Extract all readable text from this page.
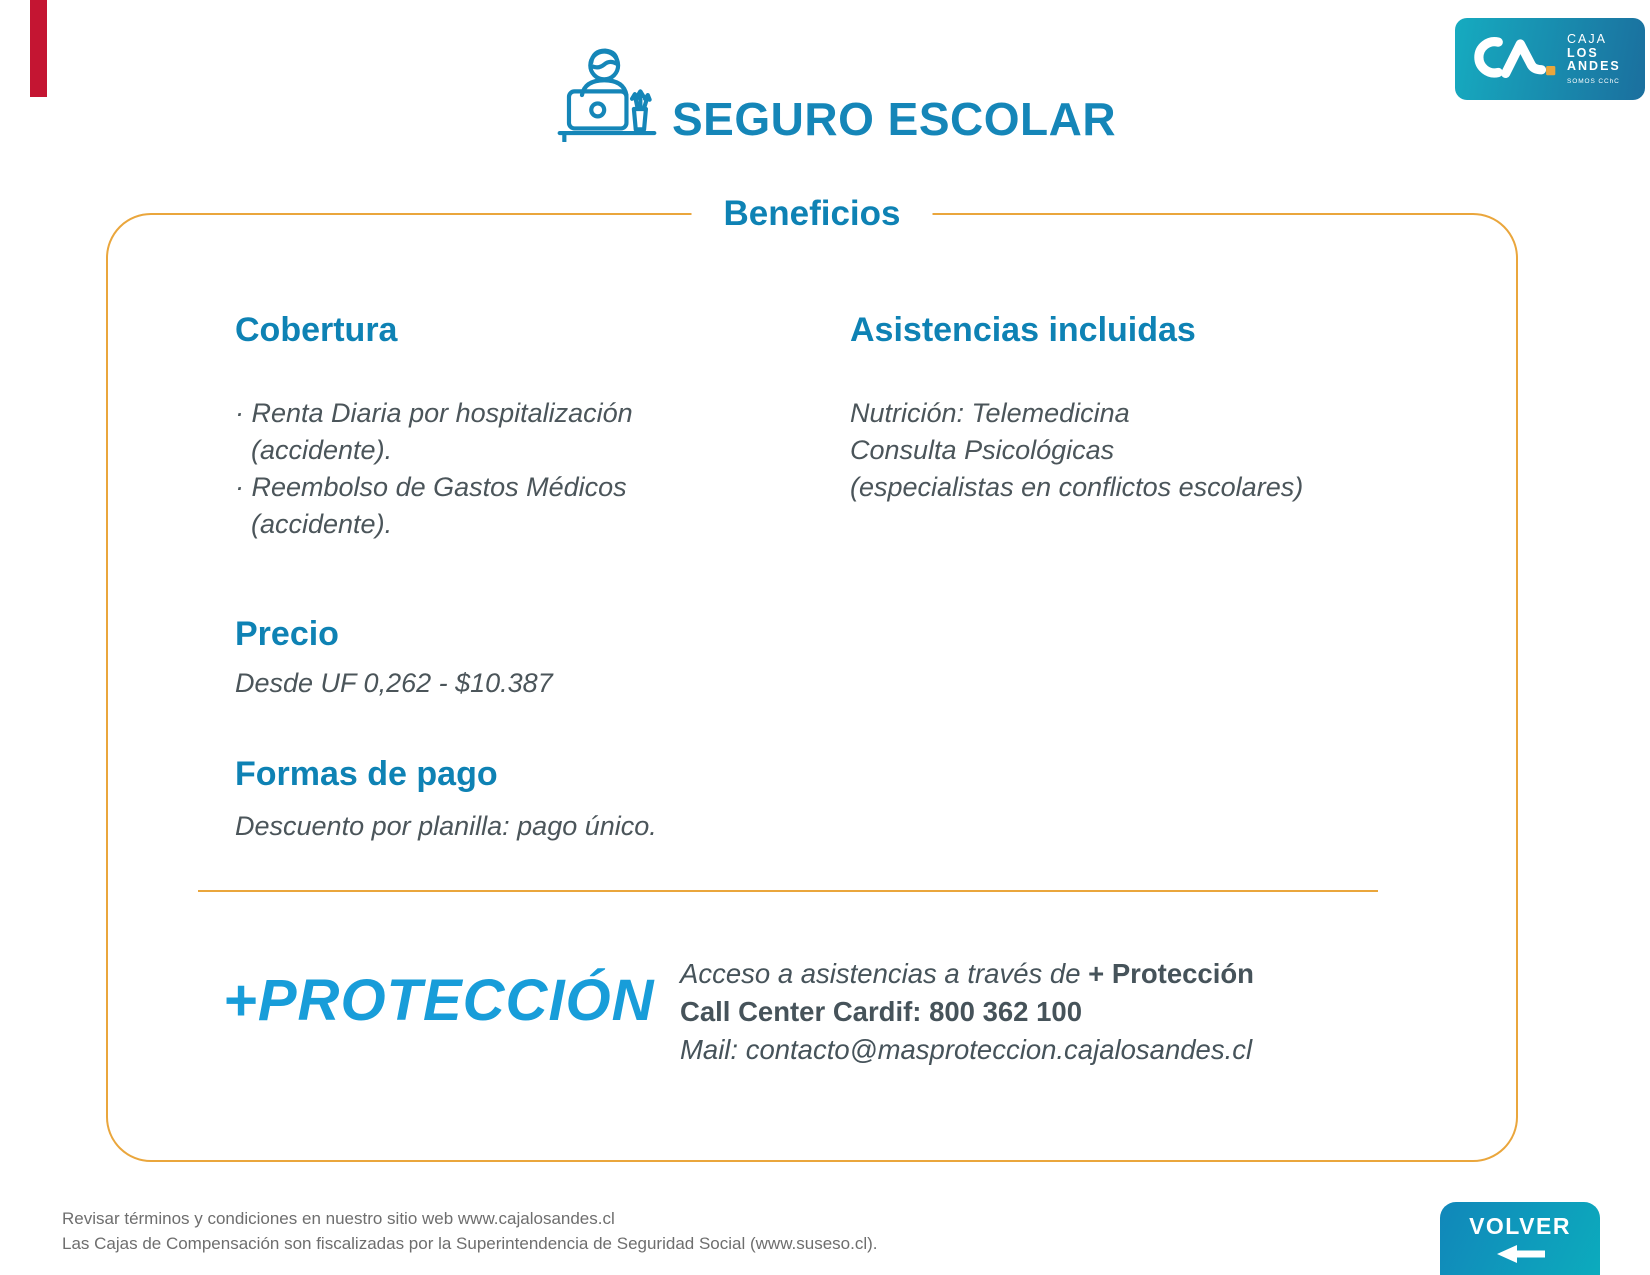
SEGURO ESCOLAR
CAJA
LOS
ANDES
SOMOS CChC
Beneficios
Cobertura
· Renta Diaria por hospitalización
(accidente).
· Reembolso de Gastos Médicos
(accidente).
Asistencias incluidas
Nutrición: Telemedicina
Consulta Psicológicas
(especialistas en conflictos escolares)
Precio
Desde UF 0,262 - $10.387
Formas de pago
Descuento por planilla: pago único.
+PROTECCIÓN Acceso a asistencias a través de + Protección
Call Center Cardif: 800 362 100
Mail: contacto@masproteccion.cajalosandes.cl
Revisar términos y condiciones en nuestro sitio web www.cajalosandes.cl
Las Cajas de Compensación son fiscalizadas por la Superintendencia de Seguridad Social (www.suseso.cl).
VOLVER
